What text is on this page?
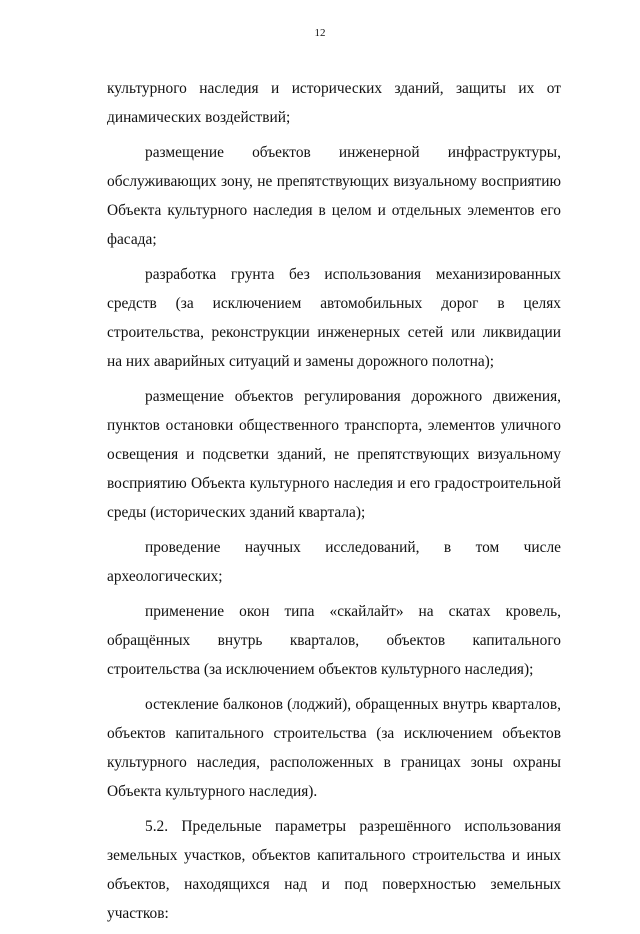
12

культурного наследия и исторических зданий, защиты их от динамических воздействий;

размещение объектов инженерной инфраструктуры, обслуживающих зону, не препятствующих визуальному восприятию Объекта культурного наследия в целом и отдельных элементов его фасада;

разработка грунта без использования механизированных средств (за исключением автомобильных дорог в целях строительства, реконструкции инженерных сетей или ликвидации на них аварийных ситуаций и замены дорожного полотна);

размещение объектов регулирования дорожного движения, пунктов остановки общественного транспорта, элементов уличного освещения и подсветки зданий, не препятствующих визуальному восприятию Объекта культурного наследия и его градостроительной среды (исторических зданий квартала);

проведение научных исследований, в том числе археологических;

применение окон типа «скайлайт» на скатах кровель, обращённых внутрь кварталов, объектов капитального строительства (за исключением объектов культурного наследия);

остекление балконов (лоджий), обращенных внутрь кварталов, объектов капитального строительства (за исключением объектов культурного наследия, расположенных в границах зоны охраны Объекта культурного наследия).

5.2. Предельные параметры разрешённого использования земельных участков, объектов капитального строительства и иных объектов, находящихся над и под поверхностью земельных участков:
